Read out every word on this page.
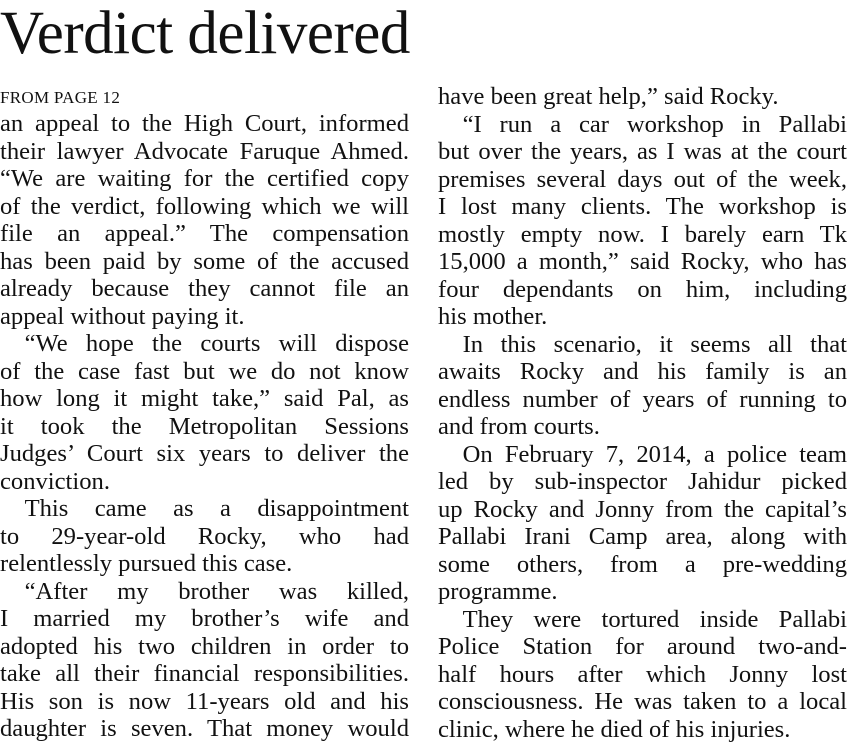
Verdict delivered
FROM PAGE 12
an appeal to the High Court, informed
their lawyer Advocate Faruque Ahmed.
“We are waiting for the certified copy
of the verdict, following which we will
file an appeal.” The compensation
has been paid by some of the accused
already because they cannot file an
appeal without paying it.
 “We hope the courts will dispose
of the case fast but we do not know
how long it might take,” said Pal, as
it took the Metropolitan Sessions
Judges’ Court six years to deliver the
conviction.
 This came as a disappointment
to 29-year-old Rocky, who had
relentlessly pursued this case.
 “After my brother was killed,
I married my brother’s wife and
adopted his two children in order to
take all their financial responsibilities.
His son is now 11-years old and his
daughter is seven. That money would
have been great help,” said Rocky.
 “I run a car workshop in Pallabi
but over the years, as I was at the court
premises several days out of the week,
I lost many clients. The workshop is
mostly empty now. I barely earn Tk
15,000 a month,” said Rocky, who has
four dependants on him, including
his mother.
 In this scenario, it seems all that
awaits Rocky and his family is an
endless number of years of running to
and from courts.
 On February 7, 2014, a police team
led by sub-inspector Jahidur picked
up Rocky and Jonny from the capital’s
Pallabi Irani Camp area, along with
some others, from a pre-wedding
programme.
 They were tortured inside Pallabi
Police Station for around two-and-
half hours after which Jonny lost
consciousness. He was taken to a local
clinic, where he died of his injuries.
